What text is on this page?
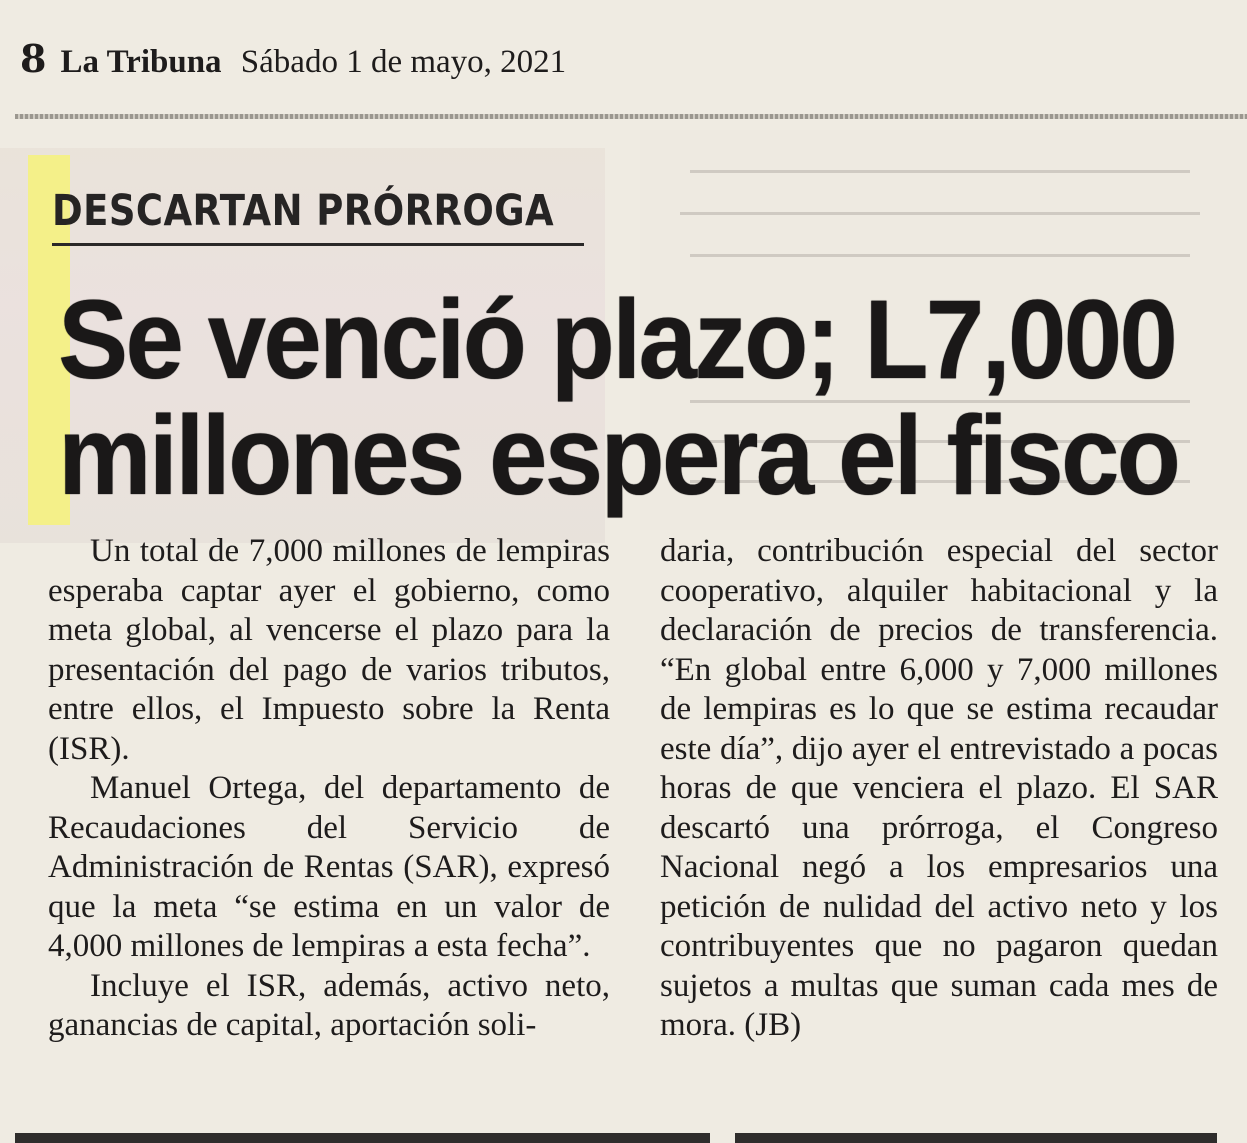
8 La Tribuna Sábado 1 de mayo, 2021
DESCARTAN PRÓRROGA
Se venció plazo; L7,000
millones espera el fisco

Un total de 7,000 millones de lempiras esperaba captar ayer el gobierno, como meta global, al vencerse el plazo para la presentación del pago de varios tributos, entre ellos, el Impuesto sobre la Renta (ISR).

Manuel Ortega, del departamento de Recaudaciones del Servicio de Administración de Rentas (SAR), expresó que la meta “se estima en un valor de 4,000 millones de lempiras a esta fecha”.

Incluye el ISR, además, activo neto, ganancias de capital, aportación soli-

daria, contribución especial del sector cooperativo, alquiler habitacional y la declaración de precios de transferencia. “En global entre 6,000 y 7,000 millones de lempiras es lo que se estima recaudar este día”, dijo ayer el entrevistado a pocas horas de que venciera el plazo. El SAR descartó una prórroga, el Congreso Nacional negó a los empresarios una petición de nulidad del activo neto y los contribuyentes que no pagaron quedan sujetos a multas que suman cada mes de mora. (JB)
